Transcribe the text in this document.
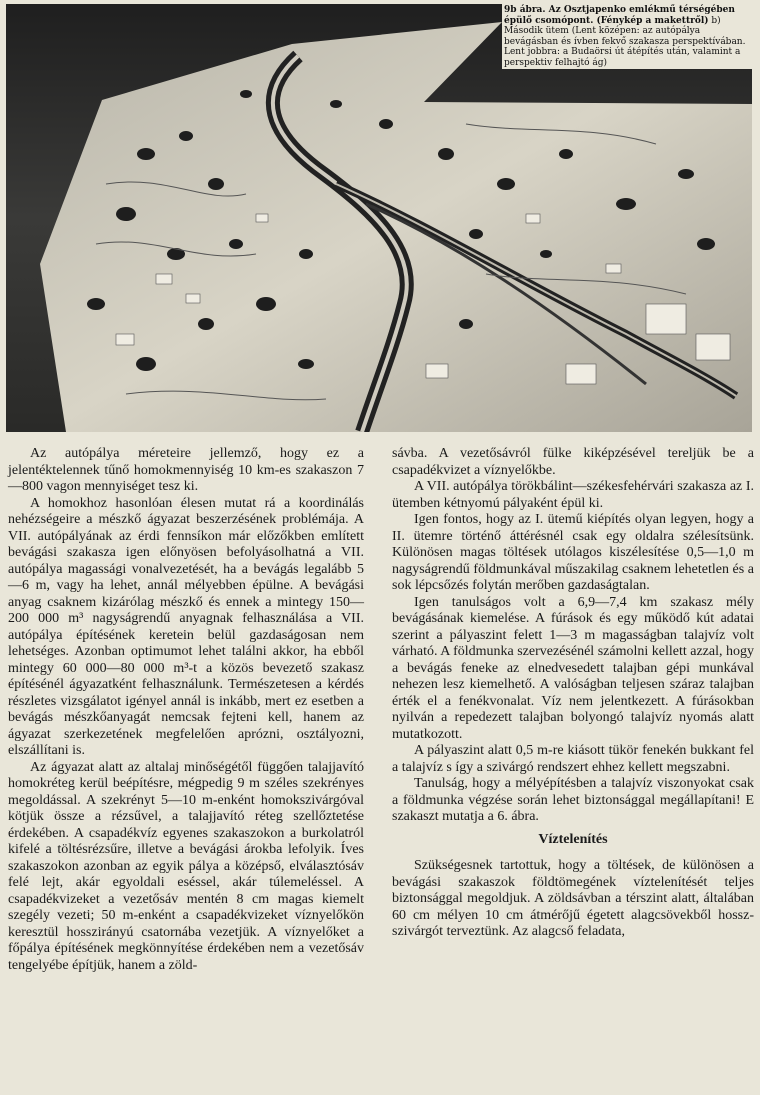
9b ábra. Az Osztjapenko emlékmű térségében épülő csomópont. (Fénykép a makettről) b) Második ütem (Lent középen: az autópálya bevágásban és ívben fekvő szakasza perspektívában. Lent jobbra: a Budaörsi út átépítés után, valamint a perspektiv felhajtó ág)

Az autópálya méreteire jellemző, hogy ez a jelentéktelennek tűnő homokmennyiség 10 km-es szakaszon 7—800 vagon mennyiséget tesz ki.

A homokhoz hasonlóan élesen mutat rá a koordinálás nehézségeire a mészkő ágyazat beszerzésének problémája. A VII. autópályának az érdi fennsíkon már előzőkben említett bevágási szakasza igen előnyösen befolyásolhatná a VII. autópálya magassági vonalvezetését, ha a bevágás legalább 5—6 m, vagy ha lehet, annál mélyebben épülne. A bevágási anyag csaknem kizárólag mészkő és ennek a mintegy 150—200 000 m³ nagyságrendű anyagnak felhasználása a VII. autópálya építésének keretein belül gazdaságosan nem lehetséges. Azonban optimumot lehet találni akkor, ha ebből mintegy 60 000—80 000 m³-t a közös bevezető szakasz építésénél ágyazatként felhasználunk. Természetesen a kérdés részletes vizsgálatot igényel annál is inkább, mert ez esetben a bevágás mészkőanyagát nemcsak fejteni kell, hanem az ágyazat szerkezetének megfelelően aprózni, osztályozni, elszállítani is.

Az ágyazat alatt az altalaj minőségétől függően talajjavító homokréteg kerül beépítésre, mégpedig 9 m széles szekrényes megoldással. A szekrényt 5—10 m-enként homokszivárgóval kötjük össze a rézsűvel, a talajjavító réteg szellőztetése érdekében. A csapadékvíz egyenes szakaszokon a burkolatról kifelé a töltésrézsűre, illetve a bevágási árokba lefolyik. Íves szakaszokon azonban az egyik pálya a középső, elválasztósáv felé lejt, akár egyoldali eséssel, akár túlemeléssel. A csapadékvizeket a vezetősáv mentén 8 cm magas kiemelt szegély vezeti; 50 m-enként a csapadékvizeket víznyelőkön keresztül hosszirányú csatornába vezetjük. A víznyelőket a főpálya építésének megkönnyítése érdekében nem a vezetősáv tengelyébe építjük, hanem a zöld-

sávba. A vezetősávról fülke kiképzésével tereljük be a csapadékvizet a víznyelőkbe.

A VII. autópálya törökbálint—székesfehérvári szakasza az I. ütemben kétnyomú pályaként épül ki.

Igen fontos, hogy az I. ütemű kiépítés olyan legyen, hogy a II. ütemre történő áttérésnél csak egy oldalra szélesítsünk. Különösen magas töltések utólagos kiszélesítése 0,5—1,0 m nagyságrendű földmunkával műszakilag csaknem lehetetlen és a sok lépcsőzés folytán merőben gazdaságtalan.

Igen tanulságos volt a 6,9—7,4 km szakasz mély bevágásának kiemelése. A fúrások és egy működő kút adatai szerint a pályaszint felett 1—3 m magasságban talajvíz volt várható. A földmunka szervezésénél számolni kellett azzal, hogy a bevágás feneke az elnedvesedett talajban gépi munkával nehezen lesz kiemelhető. A valóságban teljesen száraz talajban érték el a fenékvonalat. Víz nem jelentkezett. A fúrásokban nyilván a repedezett talajban bolyongó talajvíz nyomás alatt mutatkozott.

A pályaszint alatt 0,5 m-re kiásott tükör fenekén bukkant fel a talajvíz s így a szivárgó rendszert ehhez kellett megszabni.

Tanulság, hogy a mélyépítésben a talajvíz viszonyokat csak a földmunka végzése során lehet biztonsággal megállapítani! E szakaszt mutatja a 6. ábra.

Víztelenítés

Szükségesnek tartottuk, hogy a töltések, de különösen a bevágási szakaszok földtömegének víztelenítését teljes biztonsággal megoldjuk. A zöldsávban a térszint alatt, általában 60 cm mélyen 10 cm átmérőjű égetett alagcsövekből hossz-szivárgót terveztünk. Az alagcső feladata,
